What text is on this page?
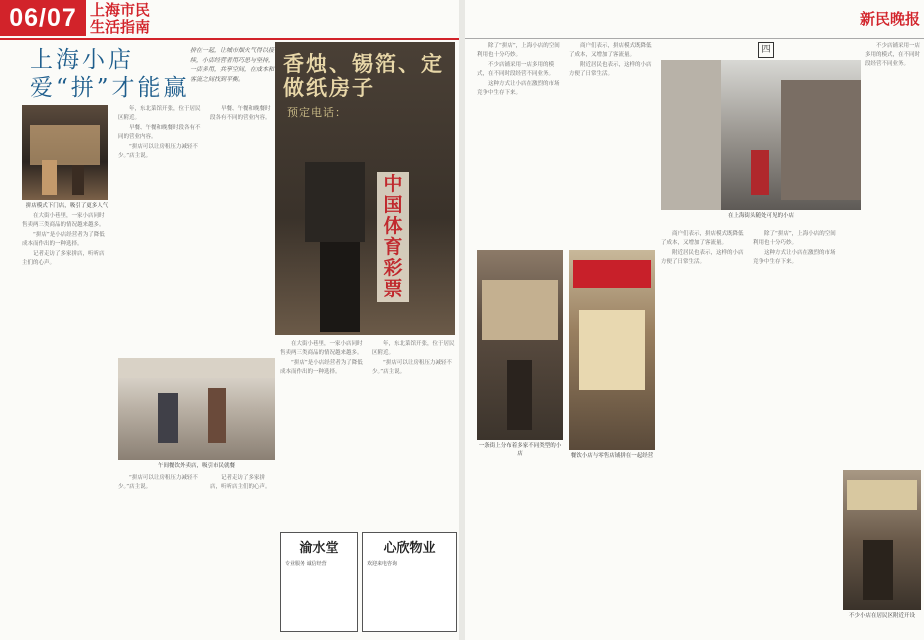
06/07 上海市民生活指南
上海小店
爱“拼”才能赢
拼在一起，让城市烟火气得以接续，小店经营者用巧思与坚持，一店多用，共享空间，在成本和客流之间找到平衡。
拼店模式下门店，吸引了更多人气

在大街小巷里，一家小店同时售卖两三类商品的情况越来越多。

“拼店”是小店经营者为了降低成本而作出的一种选择。

记者走访了多家拼店，听听店主们的心声。

年，东北菜馆开张，位于居民区附近。

早餐、午餐和晚餐时段各有不同的营业内容。

“拼店可以让房租压力减轻不少。”店主说。

早餐、午餐和晚餐时段各有不同的营业内容。

香烛、锡箔、定做纸房子
预定电话：
中国体育彩票
午间餐饮外卖店，吸引市民就餐

“拼店可以让房租压力减轻不少。”店主说。

记者走访了多家拼店，听听店主们的心声。

在大街小巷里，一家小店同时售卖两三类商品的情况越来越多。

“拼店”是小店经营者为了降低成本而作出的一种选择。

年，东北菜馆开张，位于居民区附近。

“拼店可以让房租压力减轻不少。”店主说。

渝水堂
专业服务 诚信经营
心欣物业
欢迎来电咨询
新民晚报
四

除了“拼店”，上海小店的空间利用也十分巧妙。

不少店铺采用一店多用的模式，在不同时段经营不同业务。

这种方式让小店在激烈的市场竞争中生存下来。

商户们表示，拼店模式既降低了成本，又增加了客流量。

附近居民也表示，这样的小店方便了日常生活。

在上海街头随处可见的小店

不少店铺采用一店多用的模式，在不同时段经营不同业务。

一条街上分布着多家不同类型的小店	餐饮小店与零售店铺拼在一起经营

商户们表示，拼店模式既降低了成本，又增加了客流量。

附近居民也表示，这样的小店方便了日常生活。

除了“拼店”，上海小店的空间利用也十分巧妙。

这种方式让小店在激烈的市场竞争中生存下来。

不少小店在居民区附近开设
